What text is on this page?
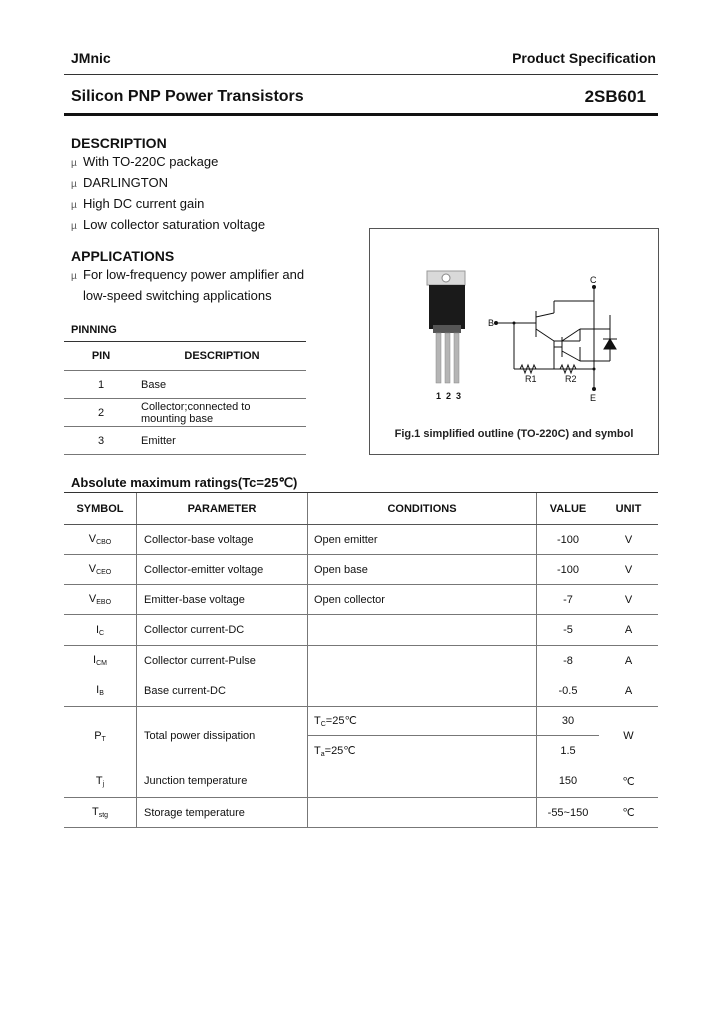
JMnic	Product Specification
Silicon PNP Power Transistors	2SB601
DESCRIPTION
µ With TO-220C package
µ DARLINGTON
µ High DC current gain
µ Low collector saturation voltage
APPLICATIONS
µ For low-frequency power amplifier and
low-speed switching applications
PINNING
PIN	DESCRIPTION
1	Base
2	Collector;connected to
mounting base

3	Emitter
B
C
E
R1	R2
1  2  3
Fig.1 simplified outline (TO-220C) and symbol
Absolute maximum ratings(Tc=25℃)
SYMBOL	PARAMETER	CONDITIONS	VALUE	UNIT
$V_{CBO}$	Collector-base voltage	Open emitter	-100	V
$V_{CEO}$	Collector-emitter voltage	Open base	-100	V
$V_{EBO}$	Emitter-base voltage	Open collector	-7	V
$I_C$	Collector current-DC		-5	A
$I_{CM}$	Collector current-Pulse		-8	A
$I_B$	Base current-DC		-0.5	A
$P_T$	Total power dissipation	$T_C=25℃$	30	W
		$T_a=25℃$	1.5	
$T_j$	Junction temperature		150	℃
$T_{stg}$	Storage temperature		-55~150	℃
